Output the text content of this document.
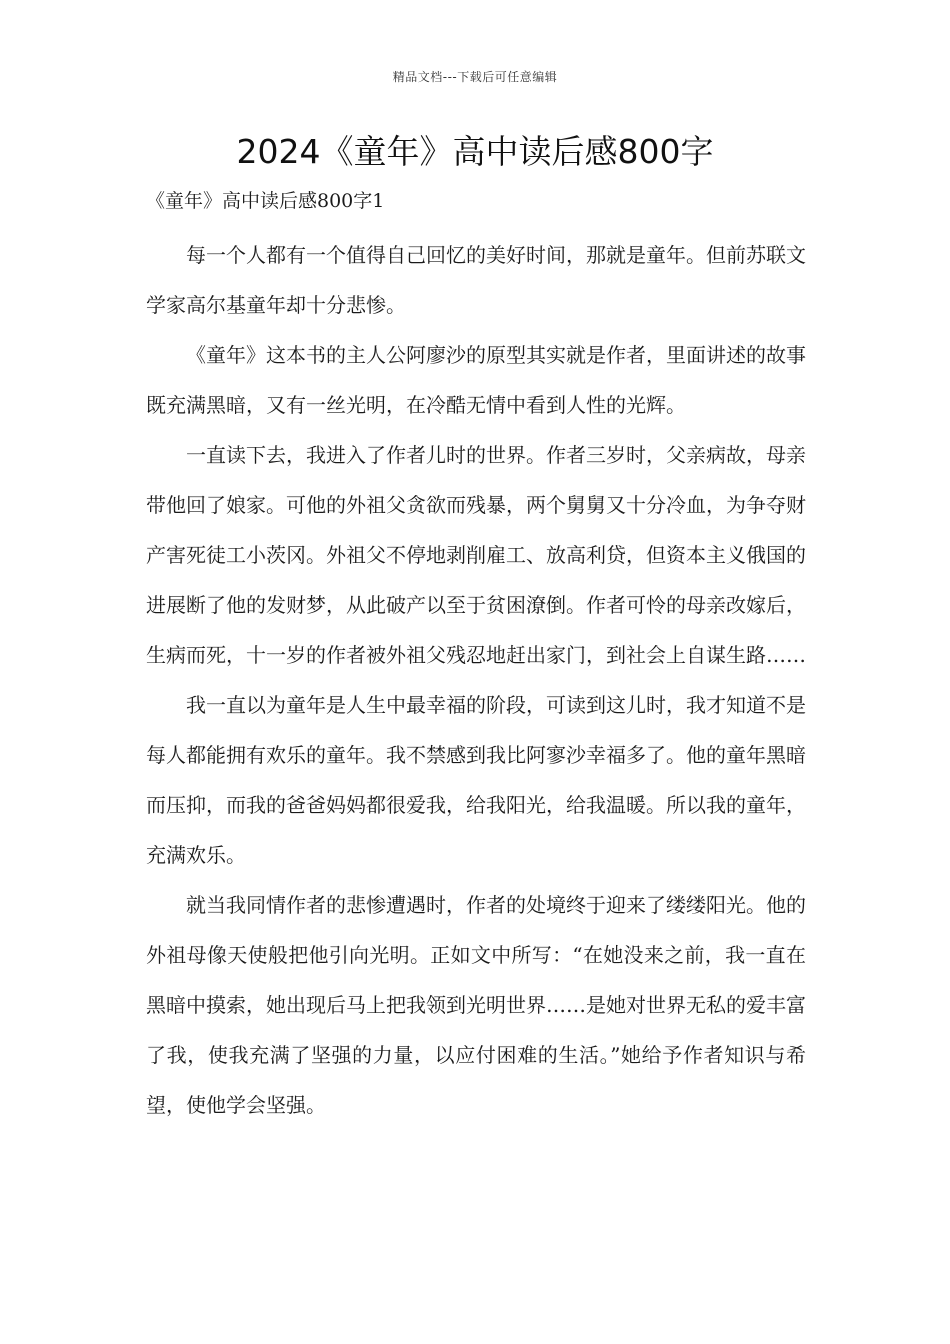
精品文档---下载后可任意编辑
2024《童年》高中读后感800字
《童年》高中读后感800字1

每一个人都有一个值得自己回忆的美好时间，那就是童年。但前苏联文学家高尔基童年却十分悲惨。

《童年》这本书的主人公阿廖沙的原型其实就是作者，里面讲述的故事既充满黑暗，又有一丝光明，在冷酷无情中看到人性的光辉。

一直读下去，我进入了作者儿时的世界。作者三岁时，父亲病故，母亲带他回了娘家。可他的外祖父贪欲而残暴，两个舅舅又十分冷血，为争夺财产害死徒工小茨冈。外祖父不停地剥削雇工、放高利贷，但资本主义俄国的进展断了他的发财梦，从此破产以至于贫困潦倒。作者可怜的母亲改嫁后，生病而死，十一岁的作者被外祖父残忍地赶出家门，到社会上自谋生路……

我一直以为童年是人生中最幸福的阶段，可读到这儿时，我才知道不是每人都能拥有欢乐的童年。我不禁感到我比阿寥沙幸福多了。他的童年黑暗而压抑，而我的爸爸妈妈都很爱我，给我阳光，给我温暖。所以我的童年，充满欢乐。

就当我同情作者的悲惨遭遇时，作者的处境终于迎来了缕缕阳光。他的外祖母像天使般把他引向光明。正如文中所写：“在她没来之前，我一直在黑暗中摸索，她出现后马上把我领到光明世界……是她对世界无私的爱丰富了我，使我充满了坚强的力量，以应付困难的生活。”她给予作者知识与希望，使他学会坚强。
